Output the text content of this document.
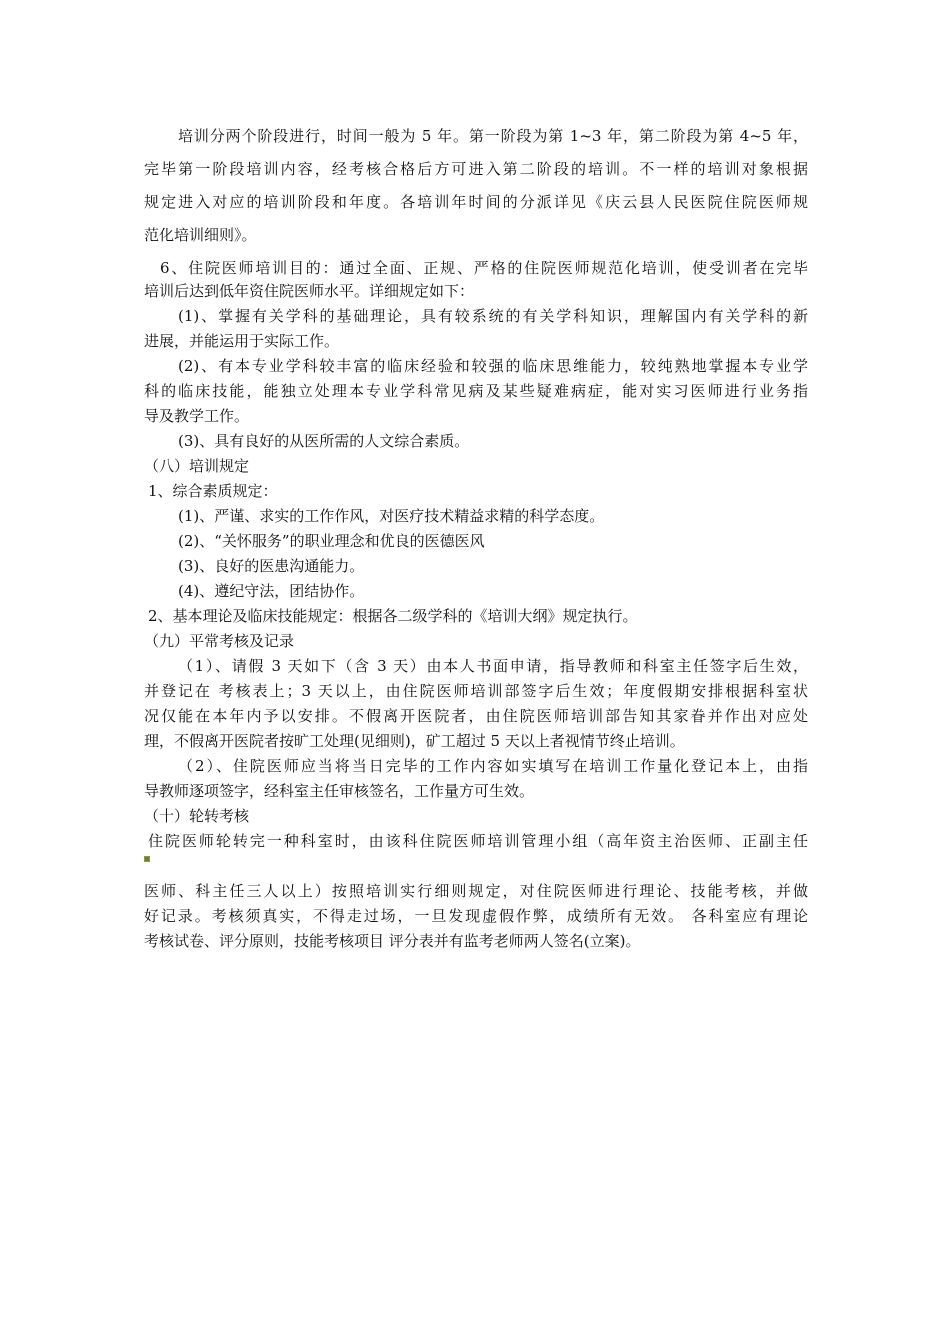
培训分两个阶段进行，时间一般为 5 年。第一阶段为第 1~3 年，第二阶段为第 4~5 年，
完毕第一阶段培训内容，经考核合格后方可进入第二阶段的培训。不一样的培训对象根据
规定进入对应的培训阶段和年度。各培训年时间的分派详见《庆云县人民医院住院医师规
范化培训细则》。
6、住院医师培训目的：通过全面、正规、严格的住院医师规范化培训，使受训者在完毕
培训后达到低年资住院医师水平。详细规定如下：
(1)、掌握有关学科的基础理论，具有较系统的有关学科知识，理解国内有关学科的新
进展，并能运用于实际工作。
(2)、有本专业学科较丰富的临床经验和较强的临床思维能力，较纯熟地掌握本专业学
科的临床技能，能独立处理本专业学科常见病及某些疑难病症，能对实习医师进行业务指
导及教学工作。
(3)、具有良好的从医所需的人文综合素质。
（八）培训规定
1、综合素质规定：
(1)、严谨、求实的工作作风，对医疗技术精益求精的科学态度。
(2)、“关怀服务”的职业理念和优良的医德医风
(3)、良好的医患沟通能力。
(4)、遵纪守法，团结协作。
2、基本理论及临床技能规定：根据各二级学科的《培训大纲》规定执行。
（九）平常考核及记录
（1）、请假 3 天如下（含 3 天）由本人书面申请，指导教师和科室主任签字后生效，
并登记在 考核表上；3 天以上，由住院医师培训部签字后生效；年度假期安排根据科室状
况仅能在本年内予以安排。不假离开医院者，由住院医师培训部告知其家眷并作出对应处
理，不假离开医院者按旷工处理(见细则)，矿工超过 5 天以上者视情节终止培训。
（2）、住院医师应当将当日完毕的工作内容如实填写在培训工作量化登记本上，由指
导教师逐项签字，经科室主任审核签名，工作量方可生效。
（十）轮转考核
住院医师轮转完一种科室时，由该科住院医师培训管理小组（高年资主治医师、正副主任
医师、科主任三人以上）按照培训实行细则规定，对住院医师进行理论、技能考核，并做
好记录。考核须真实，不得走过场，一旦发现虚假作弊，成绩所有无效。 各科室应有理论
考核试卷、评分原则，技能考核项目 评分表并有监考老师两人签名(立案)。
